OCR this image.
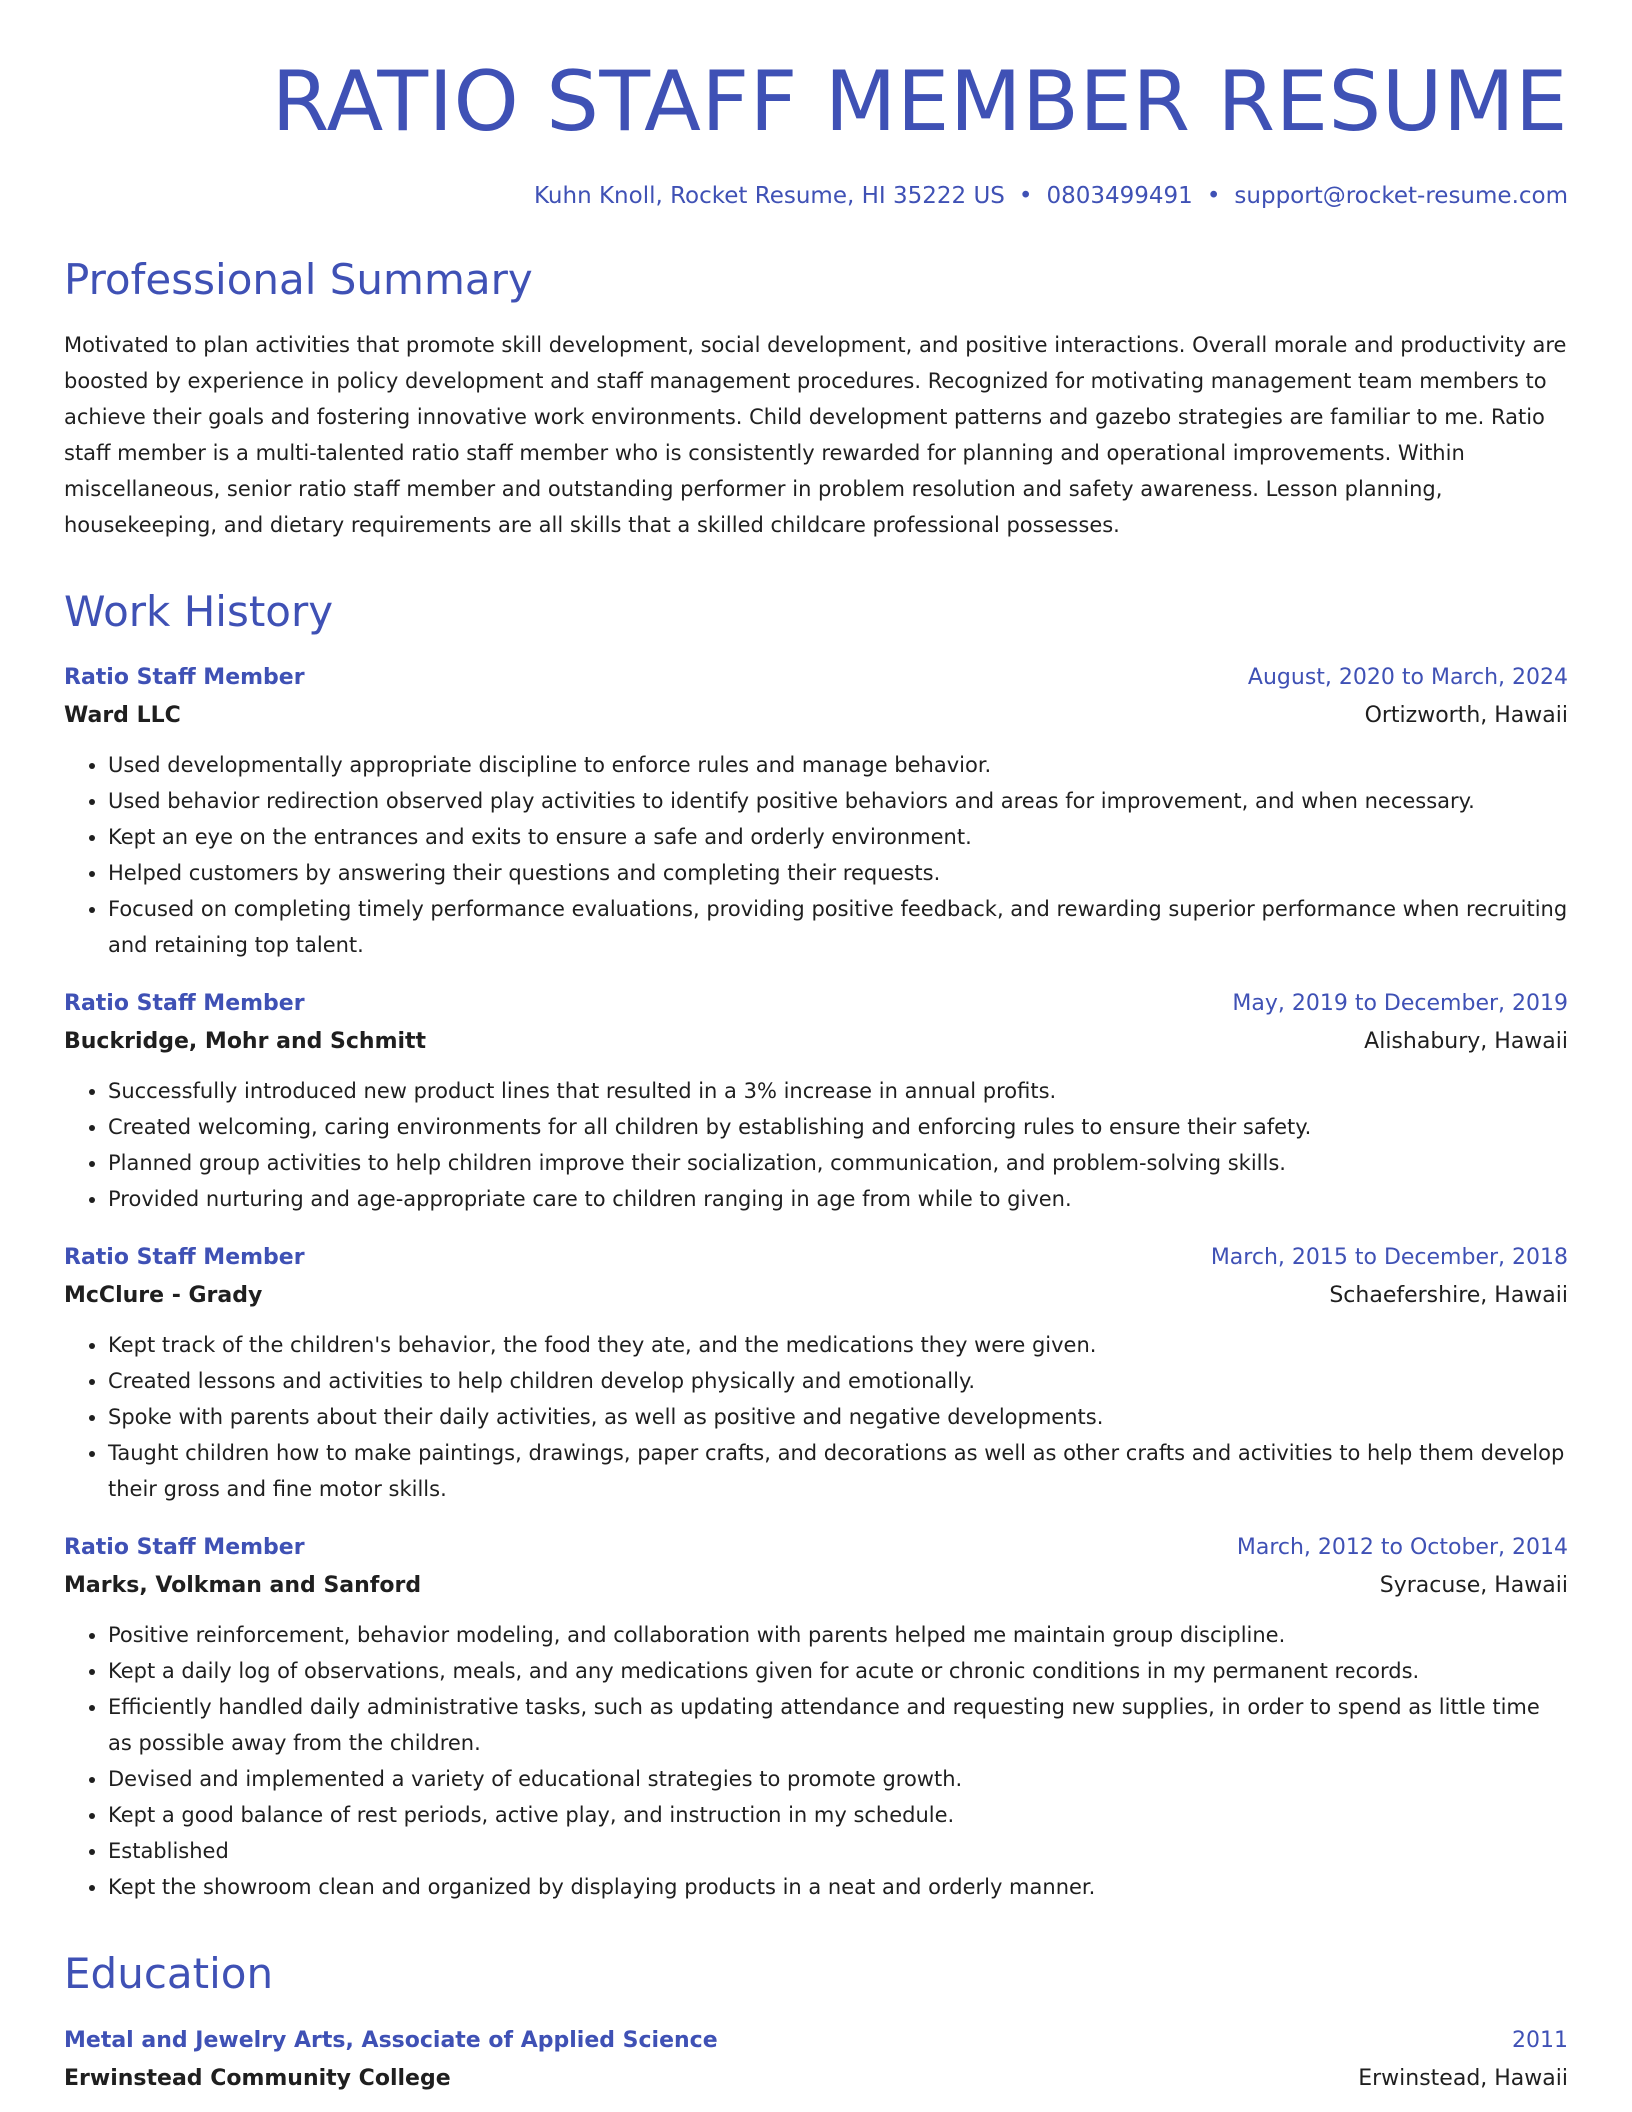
RATIO STAFF MEMBER RESUME
Kuhn Knoll, Rocket Resume, HI 35222 US • 0803499491 • support@rocket-resume.com
Professional Summary

Motivated to plan activities that promote skill development, social development, and positive interactions. Overall morale and productivity are boosted by experience in policy development and staff management procedures. Recognized for motivating management team members to achieve their goals and fostering innovative work environments. Child development patterns and gazebo strategies are familiar to me. Ratio staff member is a multi-talented ratio staff member who is consistently rewarded for planning and operational improvements. Within miscellaneous, senior ratio staff member and outstanding performer in problem resolution and safety awareness. Lesson planning, housekeeping, and dietary requirements are all skills that a skilled childcare professional possesses.

Work History
Ratio Staff Member	August, 2020 to March, 2024
Ward LLC	Ortizworth, Hawaii
• Used developmentally appropriate discipline to enforce rules and manage behavior.
• Used behavior redirection observed play activities to identify positive behaviors and areas for improvement, and when necessary.
• Kept an eye on the entrances and exits to ensure a safe and orderly environment.
• Helped customers by answering their questions and completing their requests.
• Focused on completing timely performance evaluations, providing positive feedback, and rewarding superior performance when recruiting and retaining top talent.
Ratio Staff Member	May, 2019 to December, 2019
Buckridge, Mohr and Schmitt	Alishabury, Hawaii
• Successfully introduced new product lines that resulted in a 3% increase in annual profits.
• Created welcoming, caring environments for all children by establishing and enforcing rules to ensure their safety.
• Planned group activities to help children improve their socialization, communication, and problem-solving skills.
• Provided nurturing and age-appropriate care to children ranging in age from while to given.
Ratio Staff Member	March, 2015 to December, 2018
McClure - Grady	Schaefershire, Hawaii
• Kept track of the children's behavior, the food they ate, and the medications they were given.
• Created lessons and activities to help children develop physically and emotionally.
• Spoke with parents about their daily activities, as well as positive and negative developments.
• Taught children how to make paintings, drawings, paper crafts, and decorations as well as other crafts and activities to help them develop their gross and fine motor skills.
Ratio Staff Member	March, 2012 to October, 2014
Marks, Volkman and Sanford	Syracuse, Hawaii
• Positive reinforcement, behavior modeling, and collaboration with parents helped me maintain group discipline.
• Kept a daily log of observations, meals, and any medications given for acute or chronic conditions in my permanent records.
• Efficiently handled daily administrative tasks, such as updating attendance and requesting new supplies, in order to spend as little time as possible away from the children.
• Devised and implemented a variety of educational strategies to promote growth.
• Kept a good balance of rest periods, active play, and instruction in my schedule.
• Established
• Kept the showroom clean and organized by displaying products in a neat and orderly manner.
Education
Metal and Jewelry Arts, Associate of Applied Science	2011
Erwinstead Community College	Erwinstead, Hawaii
